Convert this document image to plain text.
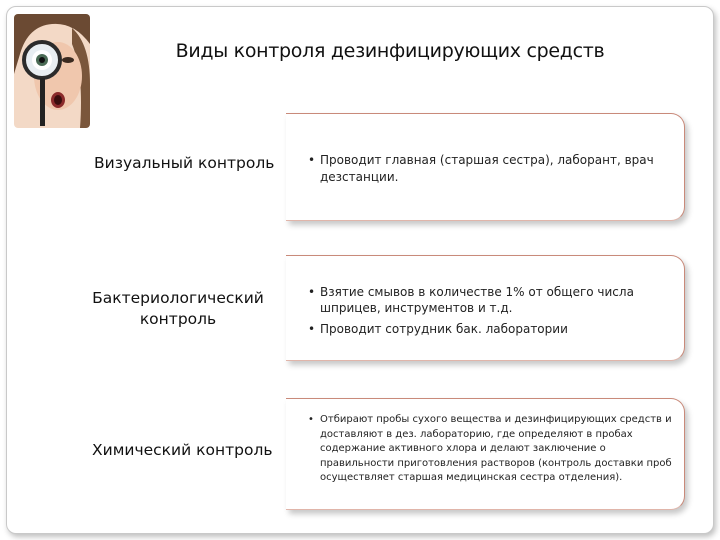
Виды контроля дезинфицирующих средств
Визуальный контроль
Бактериологический контроль
Химический контроль
• Проводит главная (старшая сестра), лаборант, врач дезстанции.
• Взятие смывов в количестве 1% от общего числа шприцев, инструментов и т.д.
• Проводит сотрудник бак. лаборатории
• Отбирают пробы сухого вещества и дезинфицирующих средств и доставляют в дез. лабораторию, где определяют в пробах содержание активного хлора и делают заключение о правильности приготовления растворов (контроль доставки проб осуществляет старшая медицинская сестра отделения).
